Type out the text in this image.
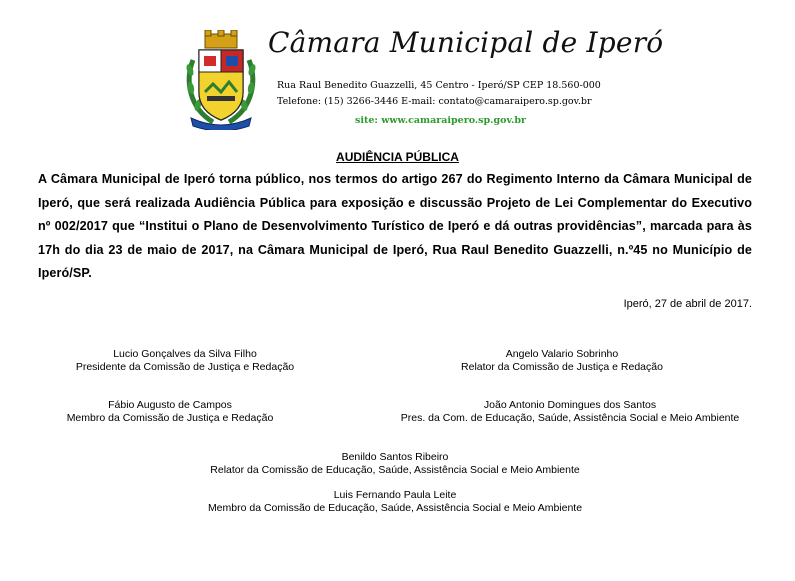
Câmara Municipal de Iperó
Rua Raul Benedito Guazzelli, 45 Centro - Iperó/SP CEP 18.560-000
Telefone: (15) 3266-3446 E-mail: contato@camaraipero.sp.gov.br
site: www.camaraipero.sp.gov.br
AUDIÊNCIA PÚBLICA
A Câmara Municipal de Iperó torna público, nos termos do artigo 267 do Regimento Interno da Câmara Municipal de Iperó, que será realizada Audiência Pública para exposição e discussão Projeto de Lei Complementar do Executivo nº 002/2017 que “Institui o Plano de Desenvolvimento Turístico de Iperó e dá outras providências”, marcada para às 17h do dia 23 de maio de 2017, na Câmara Municipal de Iperó, Rua Raul Benedito Guazzelli, n.º45 no Município de Iperó/SP.
Iperó, 27 de abril de 2017.
Lucio Gonçalves da Silva Filho
Presidente da Comissão de Justiça e Redação
Angelo Valario Sobrinho
Relator da Comissão de Justiça e Redação
Fábio Augusto de Campos
Membro da Comissão de Justiça e Redação
João Antonio Domingues dos Santos
Pres. da Com. de Educação, Saúde, Assistência Social e Meio Ambiente
Benildo Santos Ribeiro
Relator da Comissão de Educação, Saúde, Assistência Social e Meio Ambiente
Luis Fernando Paula Leite
Membro da Comissão de Educação, Saúde, Assistência Social e Meio Ambiente
